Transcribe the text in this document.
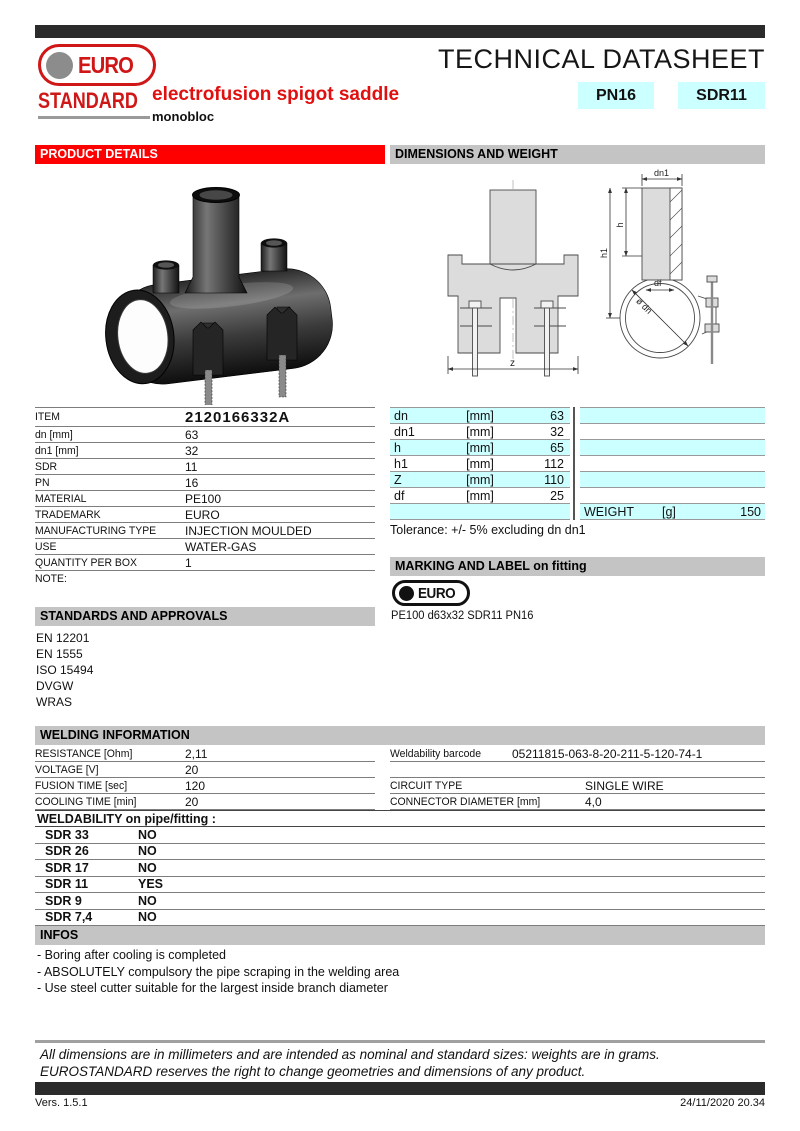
EURO
STANDARD
TECHNICAL DATASHEET
electrofusion spigot saddle
monobloc
PN16	SDR11
PRODUCT DETAILS	DIMENSIONS AND WEIGHT
z
dn1
h
h1
df
ø dn
ITEM	2120166332A
dn [mm]	63
dn1 [mm]	32
SDR	11
PN	16
MATERIAL	PE100
TRADEMARK	EURO
MANUFACTURING TYPE	INJECTION MOULDED
USE	WATER-GAS
QUANTITY PER BOX	1
NOTE:
dn	[mm]	63
dn1	[mm]	32
h	[mm]	65
h1	[mm]	112
Z	[mm]	110
df	[mm]	25
WEIGHT	[g]	150
Tolerance: +/- 5% excluding dn dn1
MARKING AND LABEL on fitting
EURO
PE100 d63x32 SDR11 PN16
STANDARDS AND APPROVALS
EN 12201
EN 1555
ISO 15494
DVGW
WRAS
WELDING INFORMATION
RESISTANCE [Ohm]	2,11
VOLTAGE [V]	20
FUSION TIME [sec]	120
COOLING TIME [min]	20
Weldability barcode	05211815-063-8-20-211-5-120-74-1
CIRCUIT TYPE	SINGLE WIRE
CONNECTOR DIAMETER [mm]	4,0
WELDABILITY on pipe/fitting :
SDR 33	NO
SDR 26	NO
SDR 17	NO
SDR 11	YES
SDR 9	NO
SDR 7,4	NO
INFOS
- Boring after cooling is completed
- ABSOLUTELY compulsory the pipe scraping in the welding area
- Use steel cutter suitable for the largest inside branch diameter
All dimensions are in millimeters and are intended as nominal and standard sizes: weights are in grams.
EUROSTANDARD reserves the right to change geometries and dimensions of any product.
Vers. 1.5.1	24/11/2020 20.34
